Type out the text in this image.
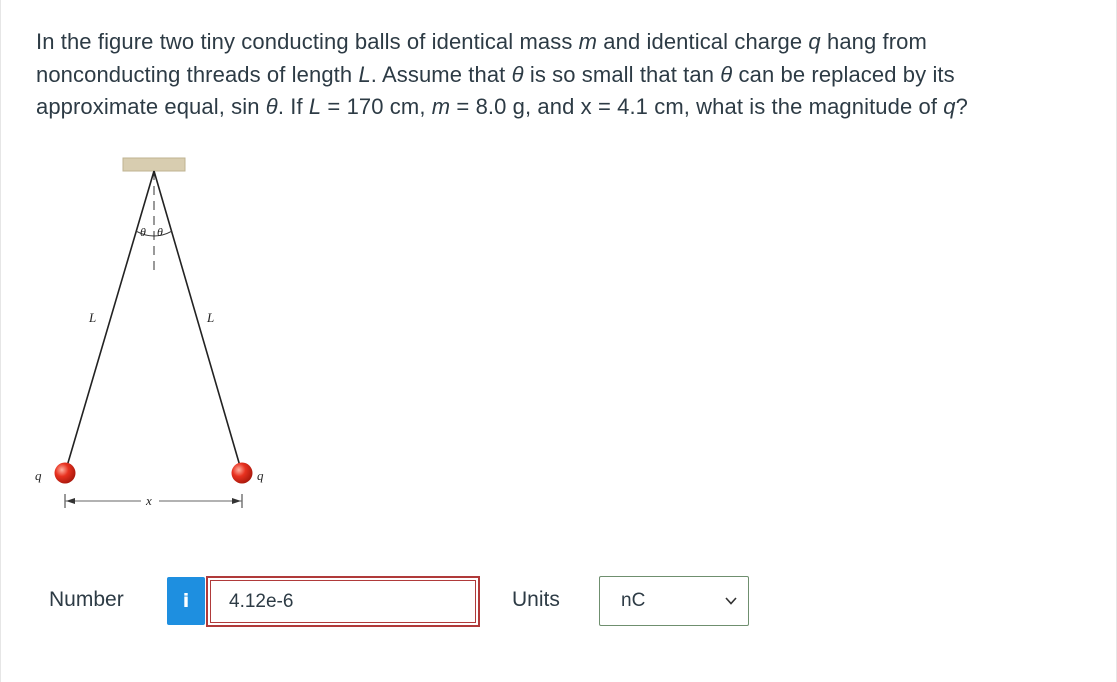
In the figure two tiny conducting balls of identical mass m and identical charge q hang from
nonconducting threads of length L. Assume that θ is so small that tan θ can be replaced by its
approximate equal, sin θ. If L = 170 cm, m = 8.0 g, and x = 4.1 cm, what is the magnitude of q?
θ θ
L	L
q	q
x
Number	i	4.12e-6	Units	nC
